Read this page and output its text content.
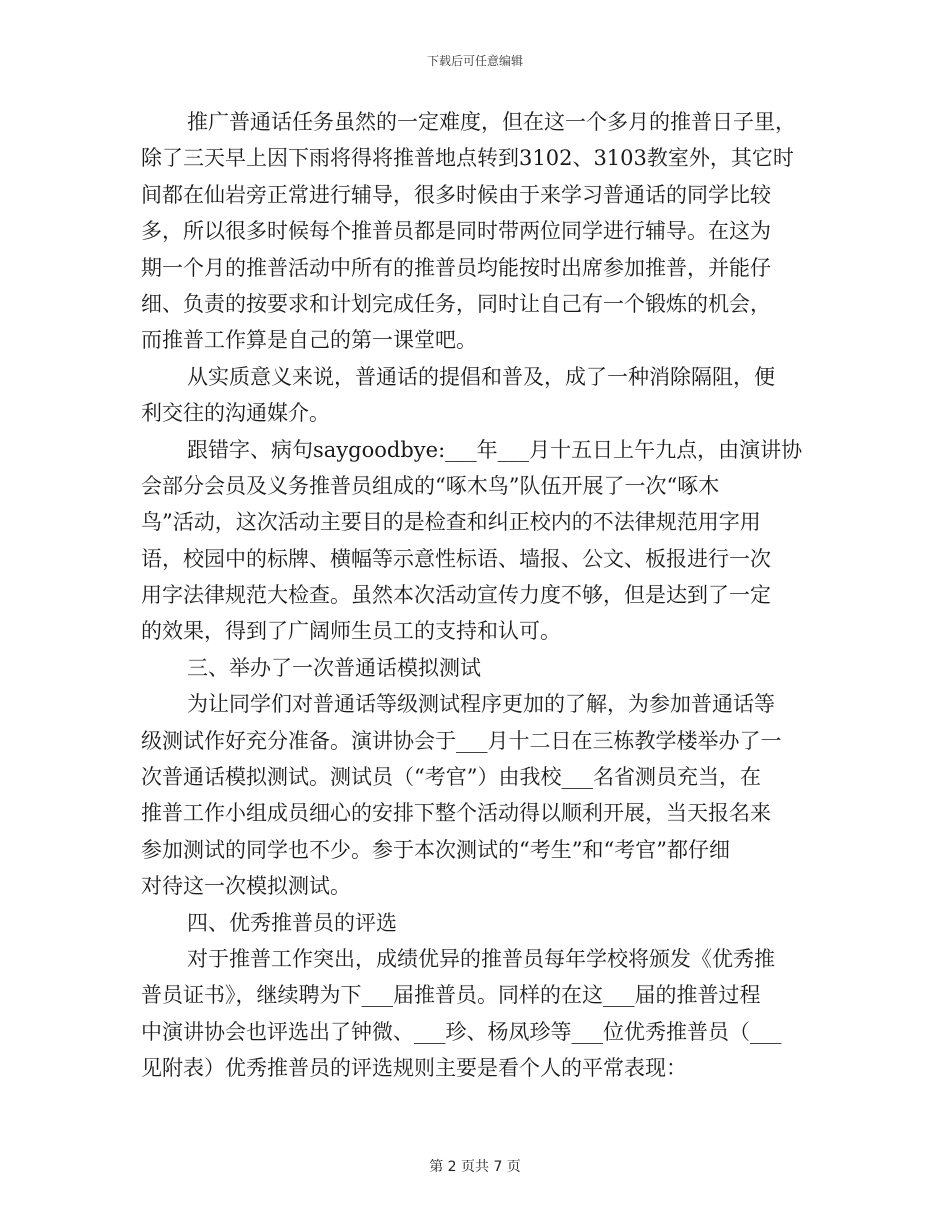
下载后可任意编辑
推广普通话任务虽然的一定难度，但在这一个多月的推普日子里，
除了三天早上因下雨将得将推普地点转到3102、3103教室外，其它时
间都在仙岩旁正常进行辅导，很多时候由于来学习普通话的同学比较
多，所以很多时候每个推普员都是同时带两位同学进行辅导。在这为
期一个月的推普活动中所有的推普员均能按时出席参加推普，并能仔
细、负责的按要求和计划完成任务，同时让自己有一个锻炼的机会，
而推普工作算是自己的第一课堂吧。
从实质意义来说，普通话的提倡和普及，成了一种消除隔阻，便
利交往的沟通媒介。
跟错字、病句saygoodbye:___年___月十五日上午九点，由演讲协
会部分会员及义务推普员组成的“啄木鸟”队伍开展了一次“啄木
鸟”活动，这次活动主要目的是检查和纠正校内的不法律规范用字用
语，校园中的标牌、横幅等示意性标语、墙报、公文、板报进行一次
用字法律规范大检查。虽然本次活动宣传力度不够，但是达到了一定
的效果，得到了广阔师生员工的支持和认可。
三、举办了一次普通话模拟测试
为让同学们对普通话等级测试程序更加的了解，为参加普通话等
级测试作好充分准备。演讲协会于___月十二日在三栋教学楼举办了一
次普通话模拟测试。测试员（“考官”）由我校___名省测员充当，在
推普工作小组成员细心的安排下整个活动得以顺利开展，当天报名来
参加测试的同学也不少。参于本次测试的“考生”和“考官”都仔细
对待这一次模拟测试。
四、优秀推普员的评选
对于推普工作突出，成绩优异的推普员每年学校将颁发《优秀推
普员证书》，继续聘为下___届推普员。同样的在这___届的推普过程
中演讲协会也评选出了钟微、___珍、杨凤珍等___位优秀推普员（___
见附表）优秀推普员的评选规则主要是看个人的平常表现：
第 2 页共 7 页
